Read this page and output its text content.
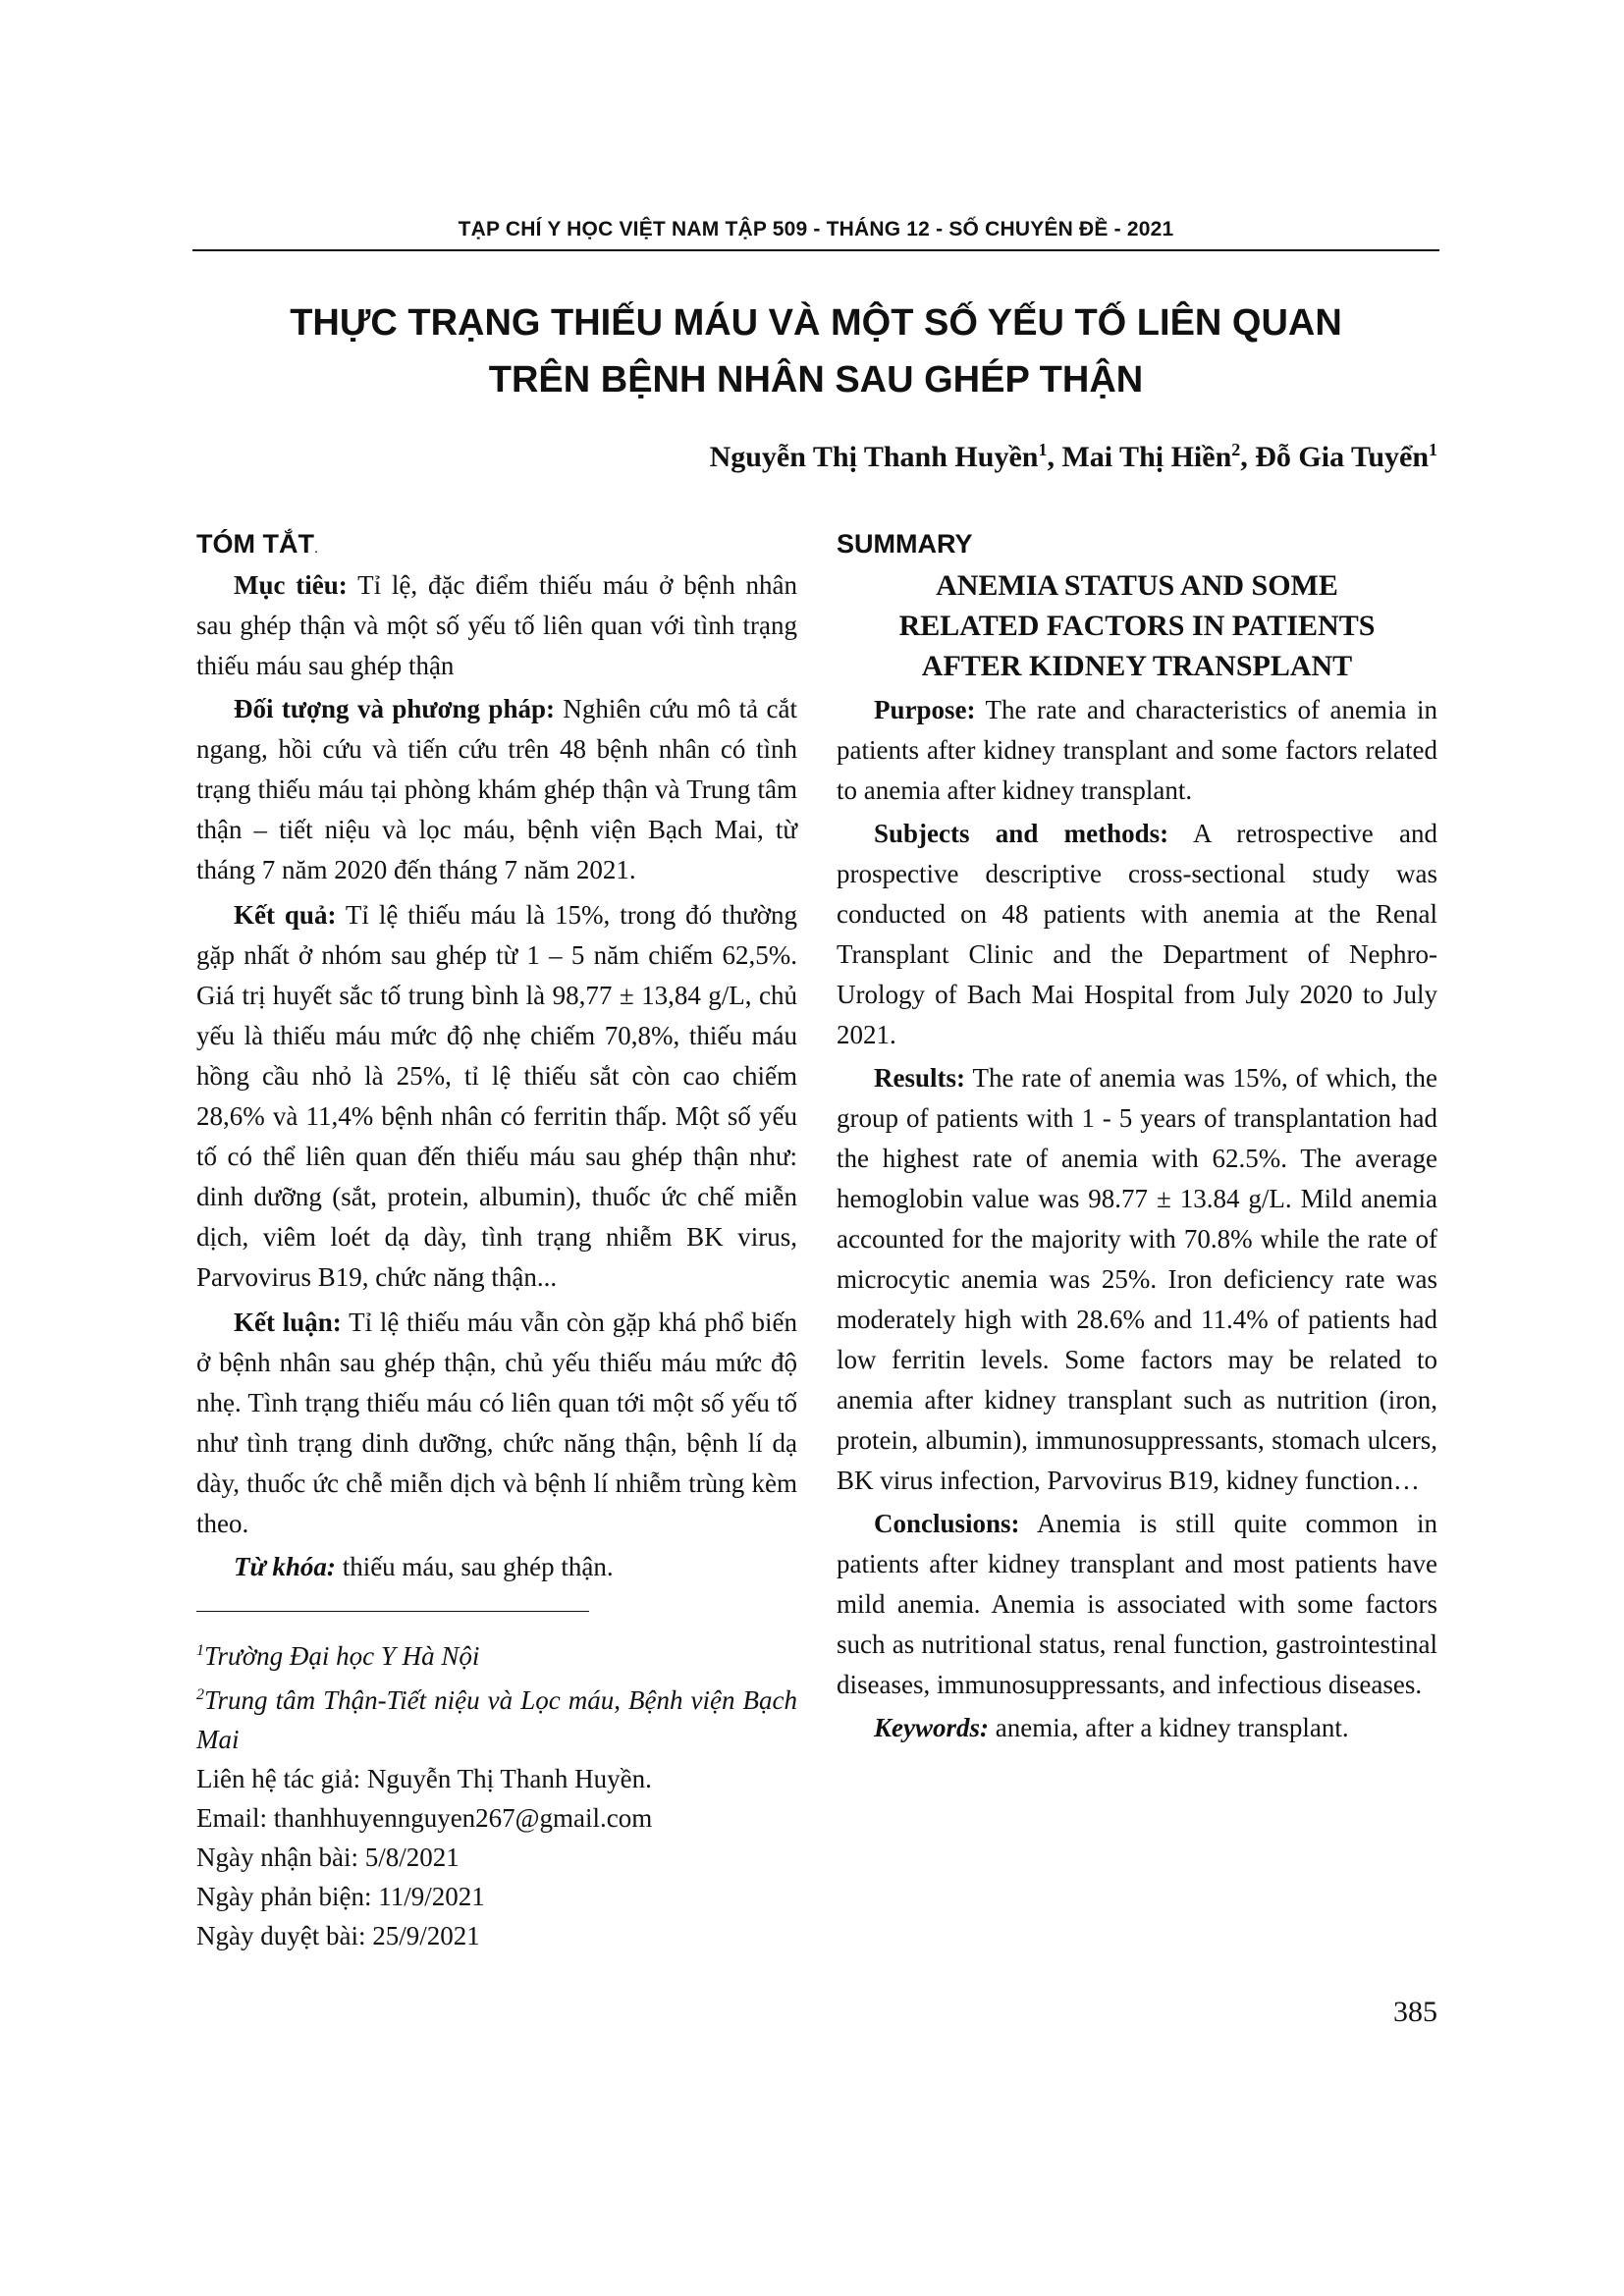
TẠP CHÍ Y HỌC VIỆT NAM TẬP 509 - THÁNG 12 - SỐ CHUYÊN ĐỀ - 2021
THỰC TRẠNG THIẾU MÁU VÀ MỘT SỐ YẾU TỐ LIÊN QUAN
TRÊN BỆNH NHÂN SAU GHÉP THẬN
Nguyễn Thị Thanh Huyền$^1$, Mai Thị Hiền$^2$, Đỗ Gia Tuyển$^1$
TÓM TẮT.

Mục tiêu: Tỉ lệ, đặc điểm thiếu máu ở bệnh nhân sau ghép thận và một số yếu tố liên quan với tình trạng thiếu máu sau ghép thận

Đối tượng và phương pháp: Nghiên cứu mô tả cắt ngang, hồi cứu và tiến cứu trên 48 bệnh nhân có tình trạng thiếu máu tại phòng khám ghép thận và Trung tâm thận – tiết niệu và lọc máu, bệnh viện Bạch Mai, từ tháng 7 năm 2020 đến tháng 7 năm 2021.

Kết quả: Tỉ lệ thiếu máu là 15%, trong đó thường gặp nhất ở nhóm sau ghép từ 1 – 5 năm chiếm 62,5%. Giá trị huyết sắc tố trung bình là 98,77 ± 13,84 g/L, chủ yếu là thiếu máu mức độ nhẹ chiếm 70,8%, thiếu máu hồng cầu nhỏ là 25%, tỉ lệ thiếu sắt còn cao chiếm 28,6% và 11,4% bệnh nhân có ferritin thấp. Một số yếu tố có thể liên quan đến thiếu máu sau ghép thận như: dinh dưỡng (sắt, protein, albumin), thuốc ức chế miễn dịch, viêm loét dạ dày, tình trạng nhiễm BK virus, Parvovirus B19, chức năng thận...

Kết luận: Tỉ lệ thiếu máu vẫn còn gặp khá phổ biến ở bệnh nhân sau ghép thận, chủ yếu thiếu máu mức độ nhẹ. Tình trạng thiếu máu có liên quan tới một số yếu tố như tình trạng dinh dưỡng, chức năng thận, bệnh lí dạ dày, thuốc ức chễ miễn dịch và bệnh lí nhiễm trùng kèm theo.

Từ khóa: thiếu máu, sau ghép thận.

$^1$Trường Đại học Y Hà Nội
$^2$Trung tâm Thận-Tiết niệu và Lọc máu, Bệnh viện Bạch Mai
Liên hệ tác giả: Nguyễn Thị Thanh Huyền.
Email: thanhhuyennguyen267@gmail.com
Ngày nhận bài: 5/8/2021
Ngày phản biện: 11/9/2021
Ngày duyệt bài: 25/9/2021
SUMMARY
ANEMIA STATUS AND SOME
RELATED FACTORS IN PATIENTS
AFTER KIDNEY TRANSPLANT

Purpose: The rate and characteristics of anemia in patients after kidney transplant and some factors related to anemia after kidney transplant.

Subjects and methods: A retrospective and prospective descriptive cross-sectional study was conducted on 48 patients with anemia at the Renal Transplant Clinic and the Department of Nephro-Urology of Bach Mai Hospital from July 2020 to July 2021.

Results: The rate of anemia was 15%, of which, the group of patients with 1 - 5 years of transplantation had the highest rate of anemia with 62.5%. The average hemoglobin value was 98.77 ± 13.84 g/L. Mild anemia accounted for the majority with 70.8% while the rate of microcytic anemia was 25%. Iron deficiency rate was moderately high with 28.6% and 11.4% of patients had low ferritin levels. Some factors may be related to anemia after kidney transplant such as nutrition (iron, protein, albumin), immunosuppressants, stomach ulcers, BK virus infection, Parvovirus B19, kidney function…

Conclusions: Anemia is still quite common in patients after kidney transplant and most patients have mild anemia. Anemia is associated with some factors such as nutritional status, renal function, gastrointestinal diseases, immunosuppressants, and infectious diseases.

Keywords: anemia, after a kidney transplant.

385
